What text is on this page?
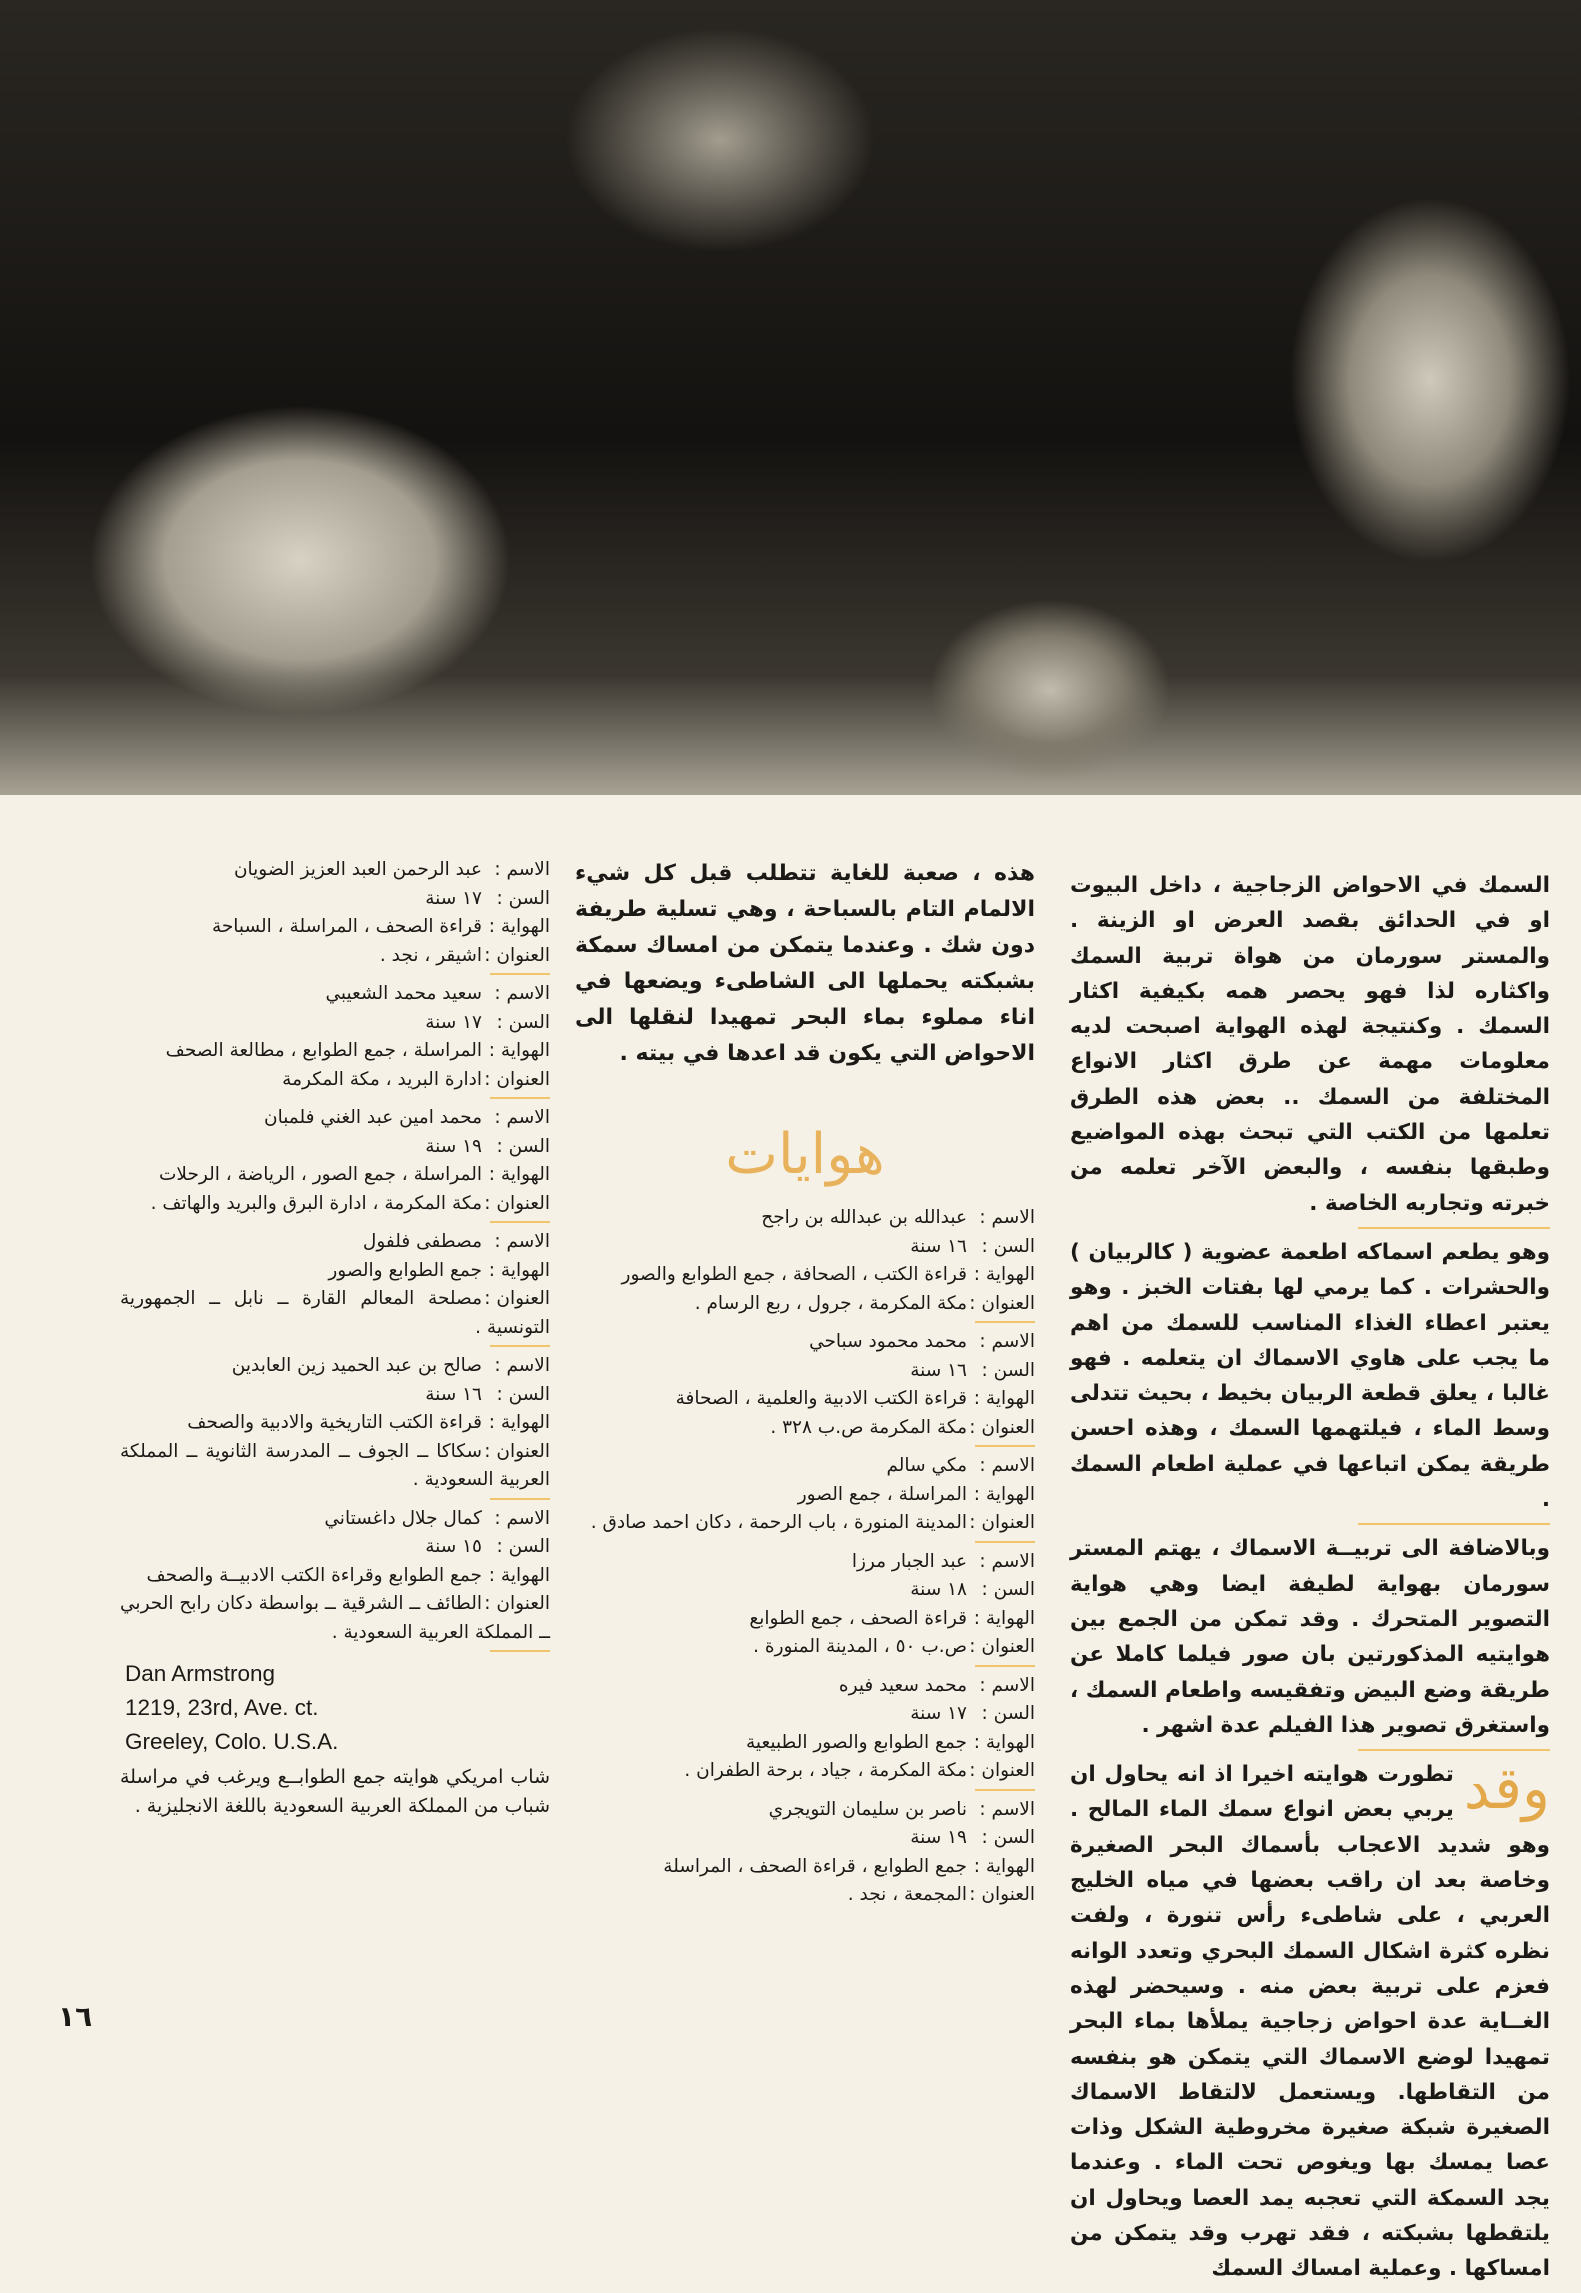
السمك في الاحواض الزجاجية ، داخل البيوت او في الحدائق بقصد العرض او الزينة . والمستر سورمان من هواة تربية السمك واكثاره لذا فهو يحصر همه بكيفية اكثار السمك . وكنتيجة لهذه الهواية اصبحت لديه معلومات مهمة عن طرق اكثار الانواع المختلفة من السمك .. بعض هذه الطرق تعلمها من الكتب التي تبحث بهذه المواضيع وطبقها بنفسه ، والبعض الآخر تعلمه من خبرته وتجاربه الخاصة .

وهو يطعم اسماكه اطعمة عضوية ( كالربيان ) والحشرات . كما يرمي لها بفتات الخبز . وهو يعتبر اعطاء الغذاء المناسب للسمك من اهم ما يجب على هاوي الاسماك ان يتعلمه . فهو غالبا ، يعلق قطعة الربيان بخيط ، بحيث تتدلى وسط الماء ، فيلتهمها السمك ، وهذه احسن طريقة يمكن اتباعها في عملية اطعام السمك .

وبالاضافة الى تربيــة الاسماك ، يهتم المستر سورمان بهواية لطيفة ايضا وهي هواية التصوير المتحرك . وقد تمكن من الجمع بين هوايتيه المذكورتين بان صور فيلما كاملا عن طريقة وضع البيض وتفقيسه واطعام السمك ، واستغرق تصوير هذا الفيلم عدة اشهر .

وقد
تطورت هوايته اخيرا اذ انه يحاول ان يربي بعض انواع سمك الماء المالح . وهو شديد الاعجاب بأسماك البحر الصغيرة وخاصة بعد ان راقب بعضها في مياه الخليج العربي ، على شاطىء رأس تنورة ، ولفت نظره كثرة اشكال السمك البحري وتعدد الوانه فعزم على تربية بعض منه . وسيحضر لهذه الغــاية عدة احواض زجاجية يملأها بماء البحر تمهيدا لوضع الاسماك التي يتمكن هو بنفسه من التقاطها. ويستعمل لالتقاط الاسماك الصغيرة شبكة صغيرة مخروطية الشكل وذات عصا يمسك بها ويغوص تحت الماء . وعندما يجد السمكة التي تعجبه يمد العصا ويحاول ان يلتقطها بشبكته ، فقد تهرب وقد يتمكن من امساكها . وعملية امساك السمك

هذه ، صعبة للغاية تتطلب قبل كل شيء الالمام التام بالسباحة ، وهي تسلية طريفة دون شك . وعندما يتمكن من امساك سمكة بشبكته يحملها الى الشاطىء ويضعها في اناء مملوء بماء البحر تمهيدا لنقلها الى الاحواض التي يكون قد اعدها في بيته .
هوايات
الاسم : عبدالله بن عبدالله بن راجح
السن : ١٦ سنة
الهواية : قراءة الكتب ، الصحافة ، جمع الطوابع والصور
العنوان : مكة المكرمة ، جرول ، ربع الرسام .
الاسم : محمد محمود سباحي
السن : ١٦ سنة
الهواية : قراءة الكتب الادبية والعلمية ، الصحافة
العنوان : مكة المكرمة ص.ب ٣٢٨ .
الاسم : مكي سالم
الهواية : المراسلة ، جمع الصور
العنوان : المدينة المنورة ، باب الرحمة ، دكان احمد صادق .
الاسم : عبد الجبار مرزا
السن : ١٨ سنة
الهواية : قراءة الصحف ، جمع الطوابع
العنوان : ص.ب ٥٠ ، المدينة المنورة .
الاسم : محمد سعيد فيره
السن : ١٧ سنة
الهواية : جمع الطوابع والصور الطبيعية
العنوان : مكة المكرمة ، جياد ، برحة الطفران .
الاسم : ناصر بن سليمان التويجري
السن : ١٩ سنة
الهواية : جمع الطوابع ، قراءة الصحف ، المراسلة
العنوان : المجمعة ، نجد .
الاسم : عبد الرحمن العبد العزيز الضويان
السن : ١٧ سنة
الهواية : قراءة الصحف ، المراسلة ، السباحة
العنوان : اشيقر ، نجد .
الاسم : سعيد محمد الشعيبي
السن : ١٧ سنة
الهواية : المراسلة ، جمع الطوابع ، مطالعة الصحف
العنوان : ادارة البريد ، مكة المكرمة
الاسم : محمد امين عبد الغني فلمبان
السن : ١٩ سنة
الهواية : المراسلة ، جمع الصور ، الرياضة ، الرحلات
العنوان : مكة المكرمة ، ادارة البرق والبريد والهاتف .
الاسم : مصطفى فلفول
الهواية : جمع الطوابع والصور
العنوان : مصلحة المعالم القارة ــ نابل ــ الجمهورية التونسية .
الاسم : صالح بن عبد الحميد زين العابدين
السن : ١٦ سنة
الهواية : قراءة الكتب التاريخية والادبية والصحف
العنوان : سكاكا ــ الجوف ــ المدرسة الثانوية ــ المملكة العربية السعودية .
الاسم : كمال جلال داغستاني
السن : ١٥ سنة
الهواية : جمع الطوابع وقراءة الكتب الادبيــة والصحف
العنوان : الطائف ــ الشرقية ــ بواسطة دكان رابح الحربي ــ المملكة العربية السعودية .
Dan Armstrong
1219, 23rd, Ave. ct.
Greeley, Colo. U.S.A.
شاب امريكي هوايته جمع الطوابــع ويرغب في مراسلة شباب من المملكة العربية السعودية باللغة الانجليزية .
١٦
